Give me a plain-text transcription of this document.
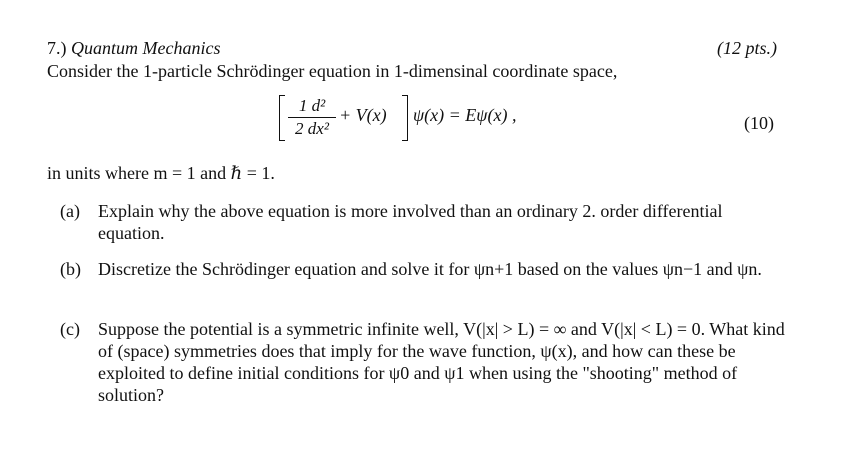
7.) Quantum Mechanics	(12 pts.)
Consider the 1-particle Schrödinger equation in 1-dimensinal coordinate space,
1 d²
2 dx²
+ V(x) ψ(x) = Eψ(x) ,	(10)
in units where m = 1 and ℏ = 1.
(a) Explain why the above equation is more involved than an ordinary 2. order differential equation.
(b) Discretize the Schrödinger equation and solve it for ψn+1 based on the values ψn−1 and ψn.
(c) Suppose the potential is a symmetric infinite well, V(|x| > L) = ∞ and V(|x| < L) = 0. What kind of (space) symmetries does that imply for the wave function, ψ(x), and how can these be exploited to define initial conditions for ψ0 and ψ1 when using the "shooting" method of solution?
